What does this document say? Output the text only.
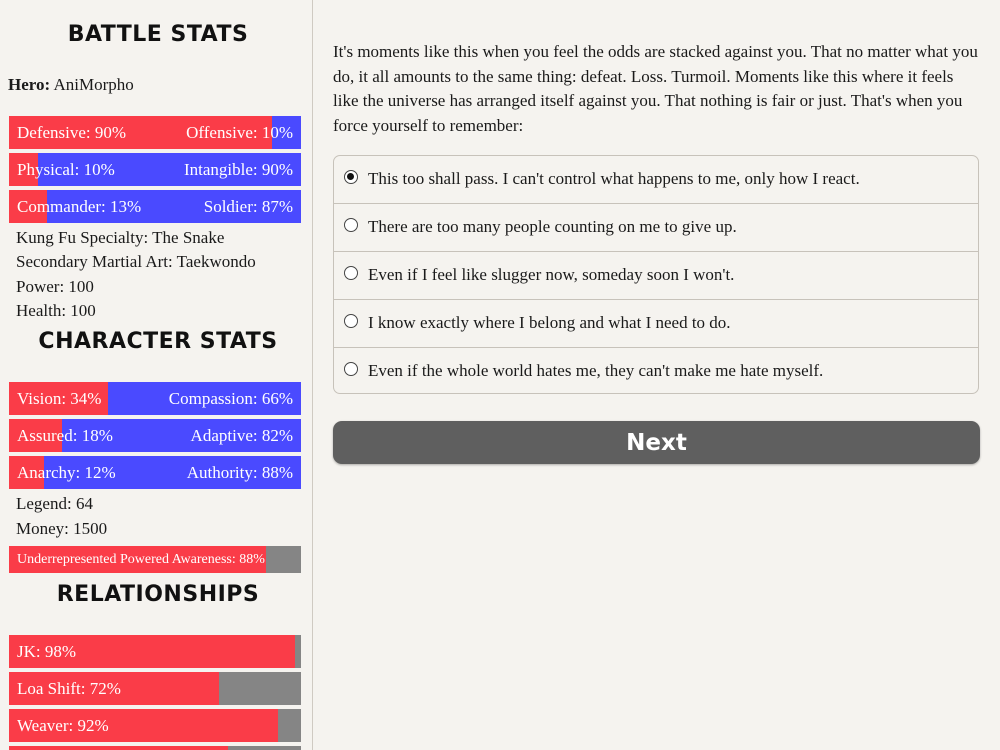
BATTLE STATS
Hero: AniMorpho
Defensive: 90%	Offensive: 10%
Physical: 10%	Intangible: 90%
Commander: 13%	Soldier: 87%
Kung Fu Specialty: The Snake
Secondary Martial Art: Taekwondo
Power: 100
Health: 100
CHARACTER STATS
Vision: 34%	Compassion: 66%
Assured: 18%	Adaptive: 82%
Anarchy: 12%	Authority: 88%
Legend: 64
Money: 1500
Underrepresented Powered Awareness: 88%
RELATIONSHIPS
JK: 98%
Loa Shift: 72%
Weaver: 92%
It's moments like this when you feel the odds are stacked against you. That no matter what you do, it all amounts to the same thing: defeat. Loss. Turmoil. Moments like this where it feels like the universe has arranged itself against you. That nothing is fair or just. That's when you force yourself to remember:
This too shall pass. I can't control what happens to me, only how I react.
There are too many people counting on me to give up.
Even if I feel like slugger now, someday soon I won't.
I know exactly where I belong and what I need to do.
Even if the whole world hates me, they can't make me hate myself.
Next
